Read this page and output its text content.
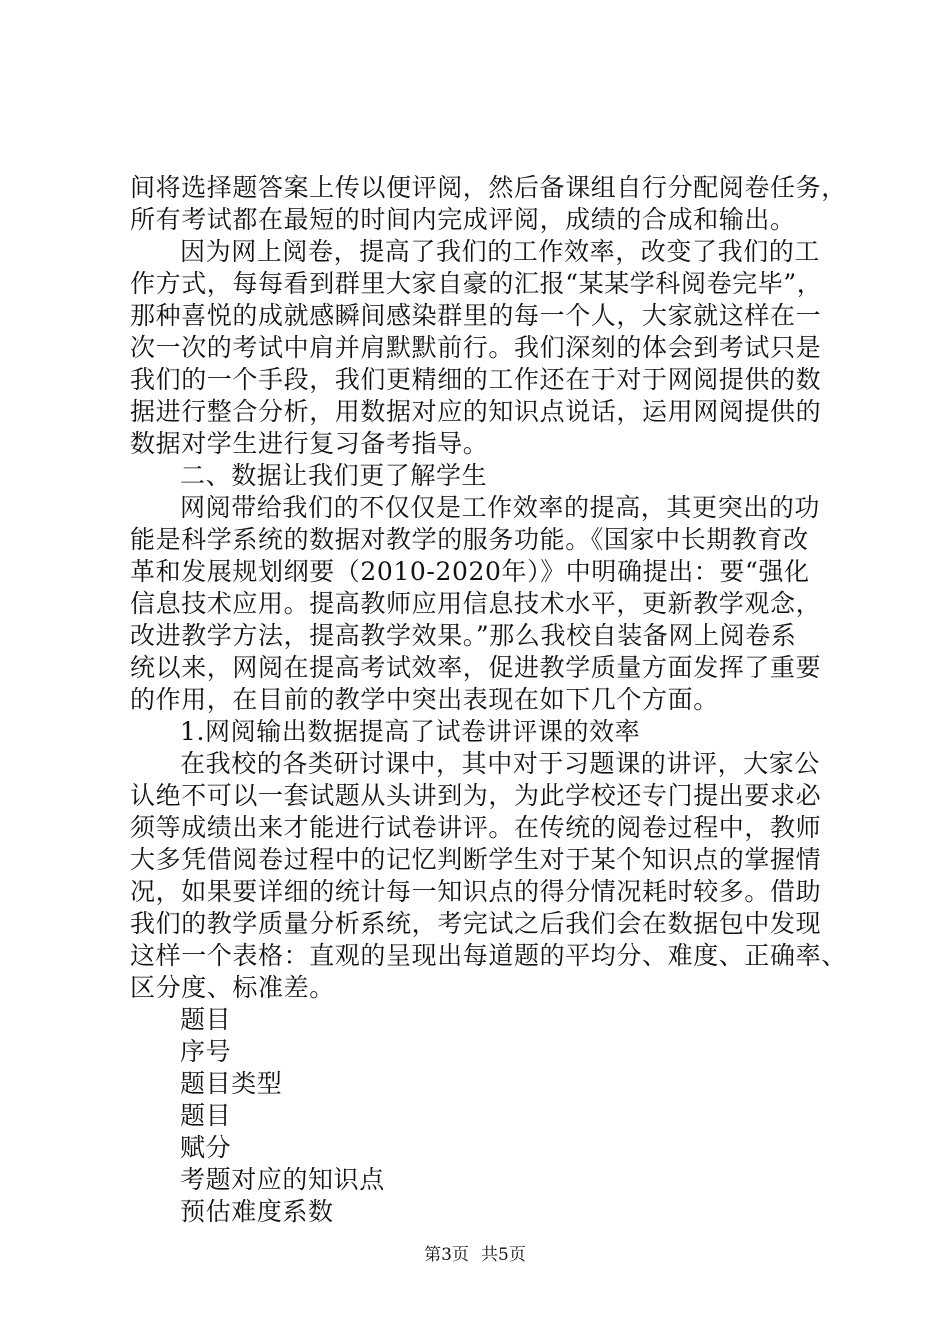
间将选择题答案上传以便评阅，然后备课组自行分配阅卷任务，
所有考试都在最短的时间内完成评阅，成绩的合成和输出。
因为网上阅卷，提高了我们的工作效率，改变了我们的工
作方式，每每看到群里大家自豪的汇报“某某学科阅卷完毕”，
那种喜悦的成就感瞬间感染群里的每一个人，大家就这样在一
次一次的考试中肩并肩默默前行。我们深刻的体会到考试只是
我们的一个手段，我们更精细的工作还在于对于网阅提供的数
据进行整合分析，用数据对应的知识点说话，运用网阅提供的
数据对学生进行复习备考指导。
二、数据让我们更了解学生
网阅带给我们的不仅仅是工作效率的提高，其更突出的功
能是科学系统的数据对教学的服务功能。《国家中长期教育改
革和发展规划纲要（2010-2020年）》中明确提出：要“强化
信息技术应用。提高教师应用信息技术水平，更新教学观念，
改进教学方法，提高教学效果。”那么我校自装备网上阅卷系
统以来，网阅在提高考试效率，促进教学质量方面发挥了重要
的作用，在目前的教学中突出表现在如下几个方面。
1.网阅输出数据提高了试卷讲评课的效率
在我校的各类研讨课中，其中对于习题课的讲评，大家公
认绝不可以一套试题从头讲到为，为此学校还专门提出要求必
须等成绩出来才能进行试卷讲评。在传统的阅卷过程中，教师
大多凭借阅卷过程中的记忆判断学生对于某个知识点的掌握情
况，如果要详细的统计每一知识点的得分情况耗时较多。借助
我们的教学质量分析系统，考完试之后我们会在数据包中发现
这样一个表格：直观的呈现出每道题的平均分、难度、正确率、
区分度、标准差。
题目
序号
题目类型
题目
赋分
考题对应的知识点
预估难度系数
第3页 共5页
